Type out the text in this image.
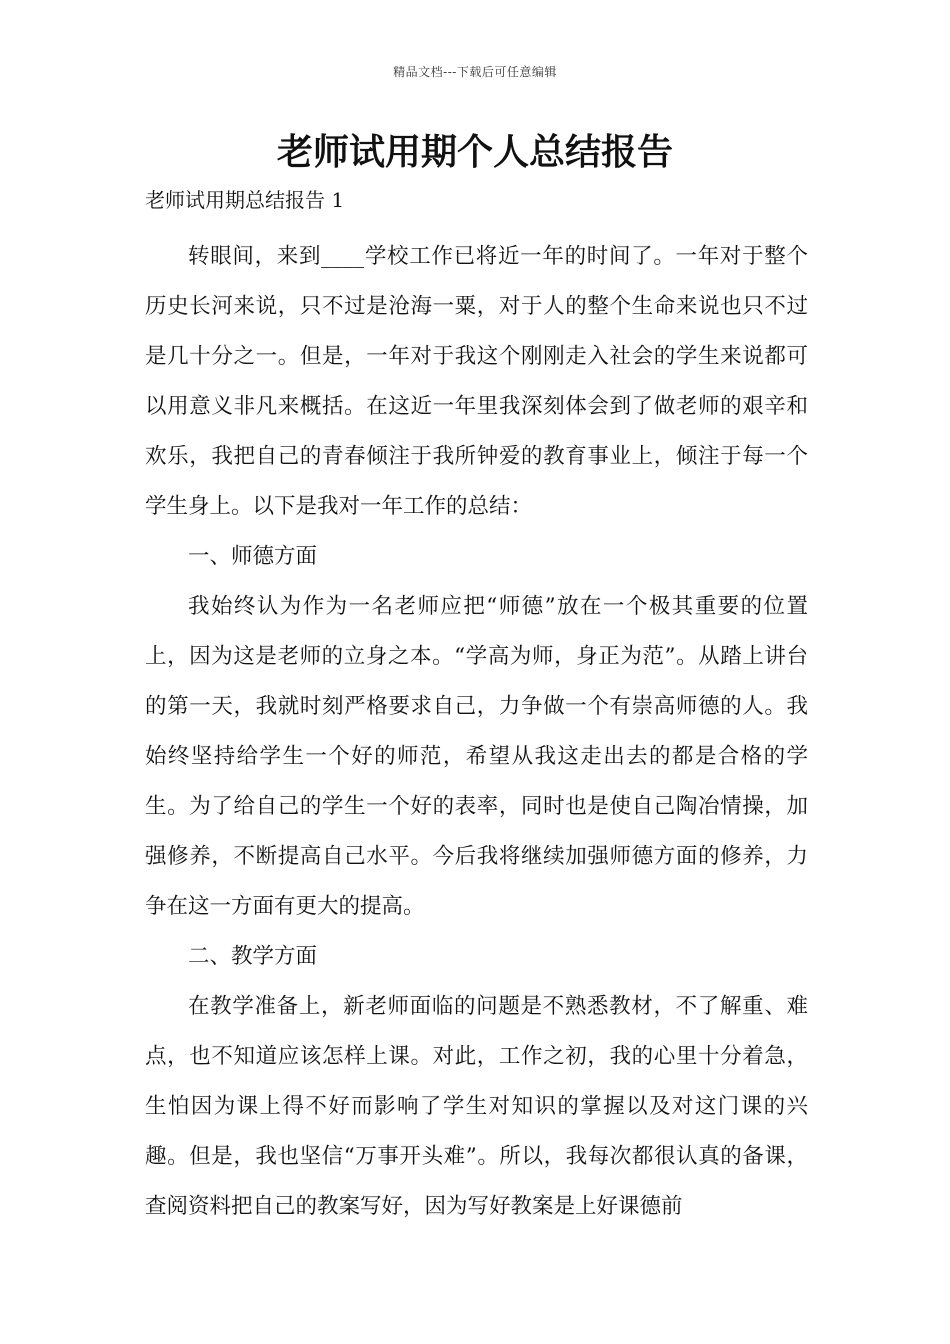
精品文档---下载后可任意编辑
老师试用期个人总结报告
老师试用期总结报告 1

转眼间，来到____学校工作已将近一年的时间了。一年对于整个历史长河来说，只不过是沧海一粟，对于人的整个生命来说也只不过是几十分之一。但是，一年对于我这个刚刚走入社会的学生来说都可以用意义非凡来概括。在这近一年里我深刻体会到了做老师的艰辛和欢乐，我把自己的青春倾注于我所钟爱的教育事业上，倾注于每一个学生身上。以下是我对一年工作的总结：

一、师德方面

我始终认为作为一名老师应把“师德”放在一个极其重要的位置上，因为这是老师的立身之本。“学高为师，身正为范”。从踏上讲台的第一天，我就时刻严格要求自己，力争做一个有崇高师德的人。我始终坚持给学生一个好的师范，希望从我这走出去的都是合格的学生。为了给自己的学生一个好的表率，同时也是使自己陶冶情操，加强修养，不断提高自己水平。今后我将继续加强师德方面的修养，力争在这一方面有更大的提高。

二、教学方面

在教学准备上，新老师面临的问题是不熟悉教材，不了解重、难点，也不知道应该怎样上课。对此，工作之初，我的心里十分着急，生怕因为课上得不好而影响了学生对知识的掌握以及对这门课的兴趣。但是，我也坚信“万事开头难”。所以，我每次都很认真的备课，查阅资料把自己的教案写好，因为写好教案是上好课德前
